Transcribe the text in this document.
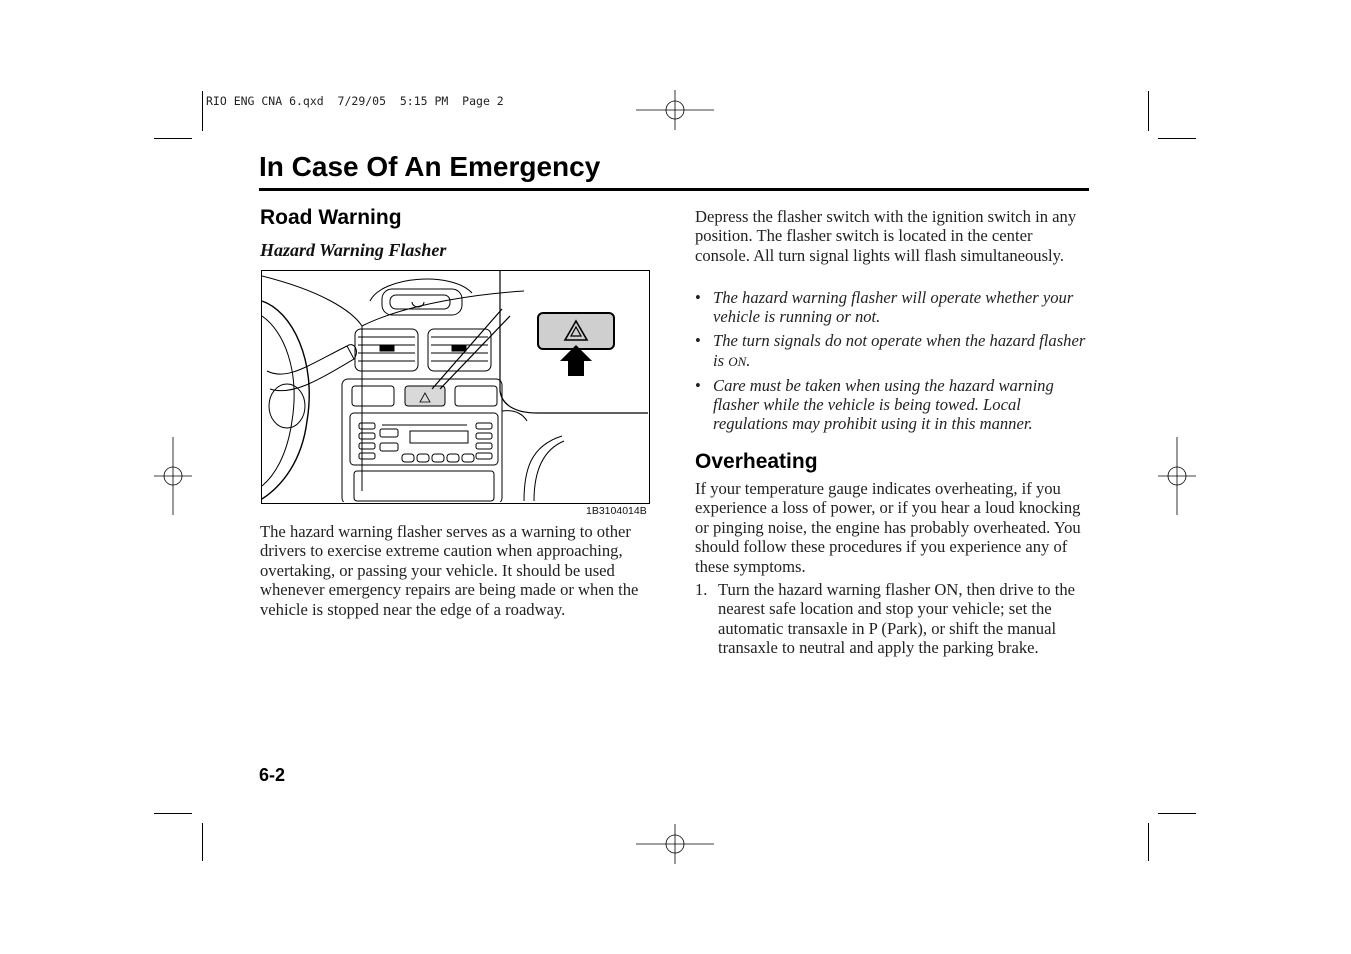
RIO ENG CNA 6.qxd  7/29/05  5:15 PM  Page 2
In Case Of An Emergency
Road Warning
Hazard Warning Flasher
1B3104014B

The hazard warning flasher serves as a warning to other drivers to exercise extreme caution when approaching, overtaking, or passing your vehicle. It should be used whenever emergency repairs are being made or when the vehicle is stopped near the edge of a roadway.

Depress the flasher switch with the ignition switch in any position. The flasher switch is located in the center console. All turn signal lights will flash simultaneously.

• The hazard warning flasher will operate whether your vehicle is running or not.
• The turn signals do not operate when the hazard flasher is ON.
• Care must be taken when using the hazard warning flasher while the vehicle is being towed. Local regulations may prohibit using it in this manner.
Overheating

If your temperature gauge indicates overheating, if you experience a loss of power, or if you hear a loud knocking or pinging noise, the engine has probably overheated. You should follow these procedures if you experience any of these symptoms.

1. Turn the hazard warning flasher ON, then drive to the nearest safe location and stop your vehicle; set the automatic transaxle in P (Park), or shift the manual transaxle to neutral and apply the parking brake.
6-2
